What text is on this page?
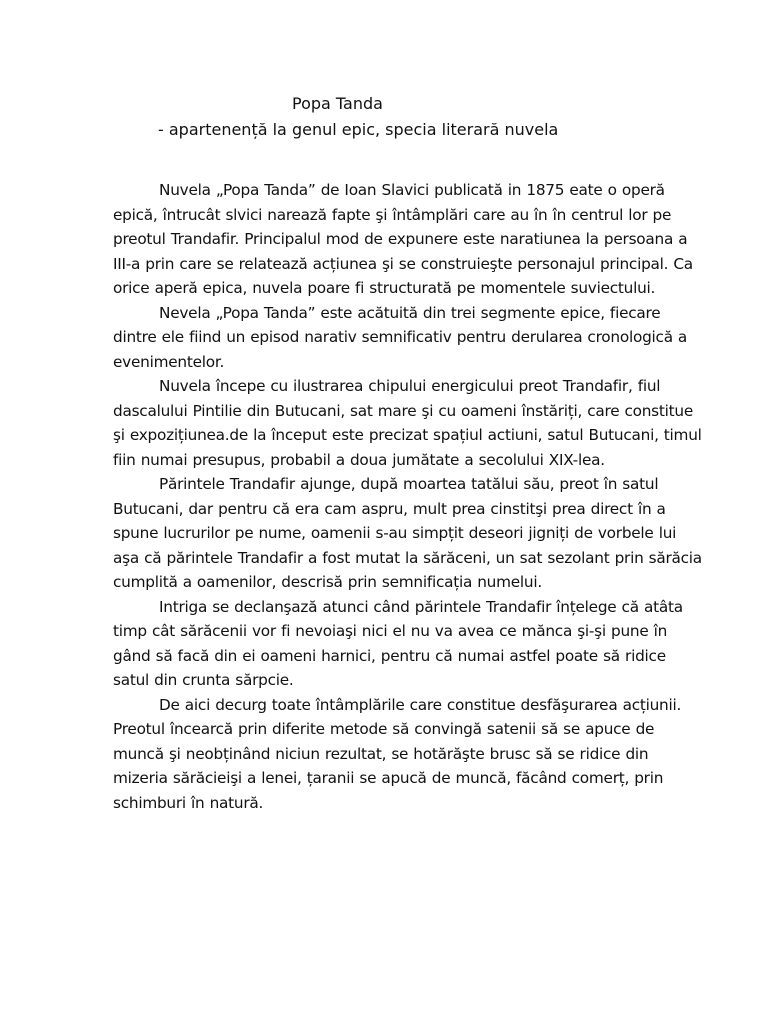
Popa Tanda
- apartenență la genul epic, specia literară nuvela

Nuvela „Popa Tanda” de Ioan Slavici publicată in 1875 eate o operă epică, întrucât slvici narează fapte şi întâmplări care au în în centrul lor pe preotul Trandafir. Principalul mod de expunere este naratiunea la persoana a III-a prin care se relatează acțiunea şi se construieşte personajul principal. Ca orice aperă epica, nuvela poare fi structurată pe momentele suviectului.

Nevela „Popa Tanda” este acătuită din trei segmente epice, fiecare dintre ele fiind un episod narativ semnificativ pentru derularea cronologică a evenimentelor.

Nuvela începe cu ilustrarea chipului energicului preot Trandafir, fiul dascalului Pintilie din Butucani, sat mare şi cu oameni înstăriți, care constitue şi expozițiunea.de la început este precizat spațiul actiuni, satul Butucani, timul fiin numai presupus, probabil a doua jumătate a secolului XIX-lea.

Părintele Trandafir ajunge, după moartea tatălui său, preot în satul Butucani, dar pentru că era cam aspru, mult prea cinstitşi prea direct în a spune lucrurilor pe nume, oamenii s-au simpțit deseori jigniți de vorbele lui aşa că părintele Trandafir a fost mutat la sărăceni, un sat sezolant prin sărăcia cumplită a oamenilor, descrisă prin semnificația numelui.

Intriga se declanşază atunci când părintele Trandafir înțelege că atâta timp cât sărăcenii vor fi nevoiaşi nici el nu va avea ce mănca şi-şi pune în gând să facă din ei oameni harnici, pentru că numai astfel poate să ridice satul din crunta sărpcie.

De aici decurg toate întâmplările care constitue desfăşurarea acțiunii. Preotul încearcă prin diferite metode să convingă satenii să se apuce de muncă şi neobținând niciun rezultat, se hotărăşte brusc să se ridice din mizeria sărăcieişi a lenei, țaranii se apucă de muncă, făcând comerț, prin schimburi în natură.
